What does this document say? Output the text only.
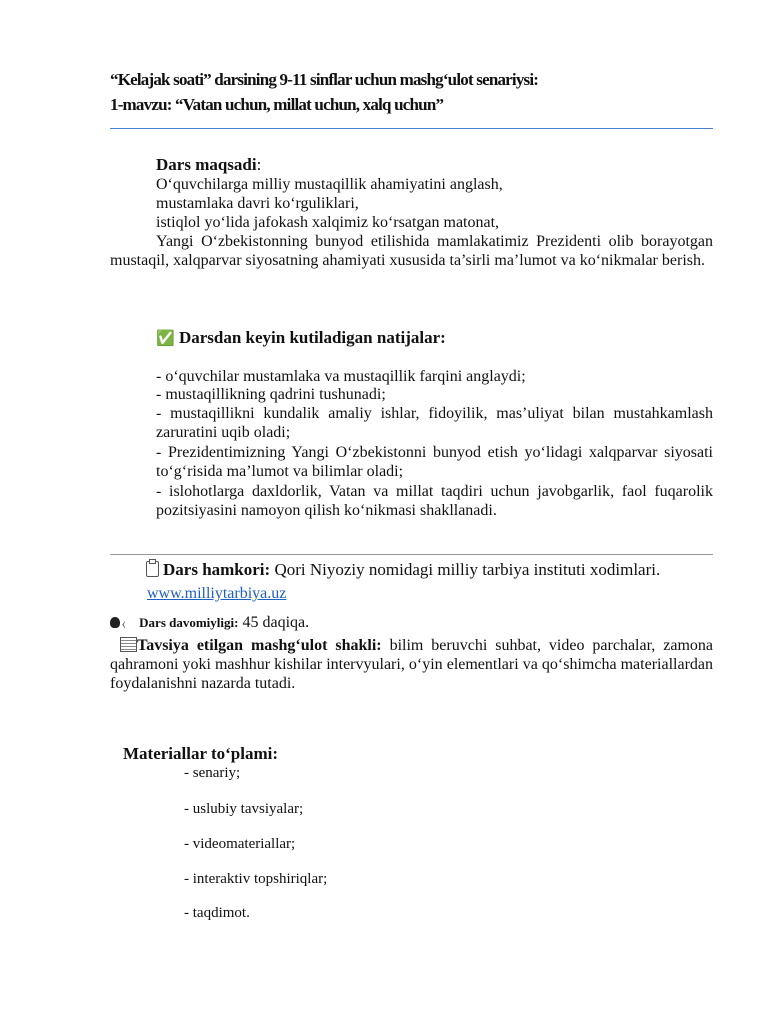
“Kelajak soati” darsining 9-11 sinflar uchun mashg‘ulot senariysi:
1-mavzu: “Vatan uchun, millat uchun, xalq uchun”
Dars maqsadi:
O‘quvchilarga milliy mustaqillik ahamiyatini anglash,
mustamlaka davri ko‘rguliklari,
istiqlol yo‘lida jafokash xalqimiz ko‘rsatgan matonat,
Yangi O‘zbekistonning bunyod etilishida mamlakatimiz Prezidenti olib borayotgan mustaqil, xalqparvar siyosatning ahamiyati xususida ta’sirli ma’lumot va ko‘nikmalar berish.
✅ Darsdan keyin kutiladigan natijalar:
- o‘quvchilar mustamlaka va mustaqillik farqini anglaydi;
- mustaqillikning qadrini tushunadi;
- mustaqillikni kundalik amaliy ishlar, fidoyilik, mas’uliyat bilan mustahkamlash zaruratini uqib oladi;
- Prezidentimizning Yangi O‘zbekistonni bunyod etish yo‘lidagi xalqparvar siyosati to‘g‘risida ma’lumot va bilimlar oladi;
- islohotlarga daxldorlik, Vatan va millat taqdiri uchun javobgarlik, faol fuqarolik pozitsiyasini namoyon qilish ko‘nikmasi shakllanadi.
Dars hamkori: Qori Niyoziy nomidagi milliy tarbiya instituti xodimlari.
www.milliytarbiya.uz
⧼ Dars davomiyligi: 45 daqiqa.
Tavsiya etilgan mashg‘ulot shakli: bilim beruvchi suhbat, video parchalar, zamona qahramoni yoki mashhur kishilar intervyulari, o‘yin elementlari va qo‘shimcha materiallardan foydalanishni nazarda tutadi.
Materiallar to‘plami:
- senariy;
- uslubiy tavsiyalar;
- videomateriallar;
- interaktiv topshiriqlar;
- taqdimot.
